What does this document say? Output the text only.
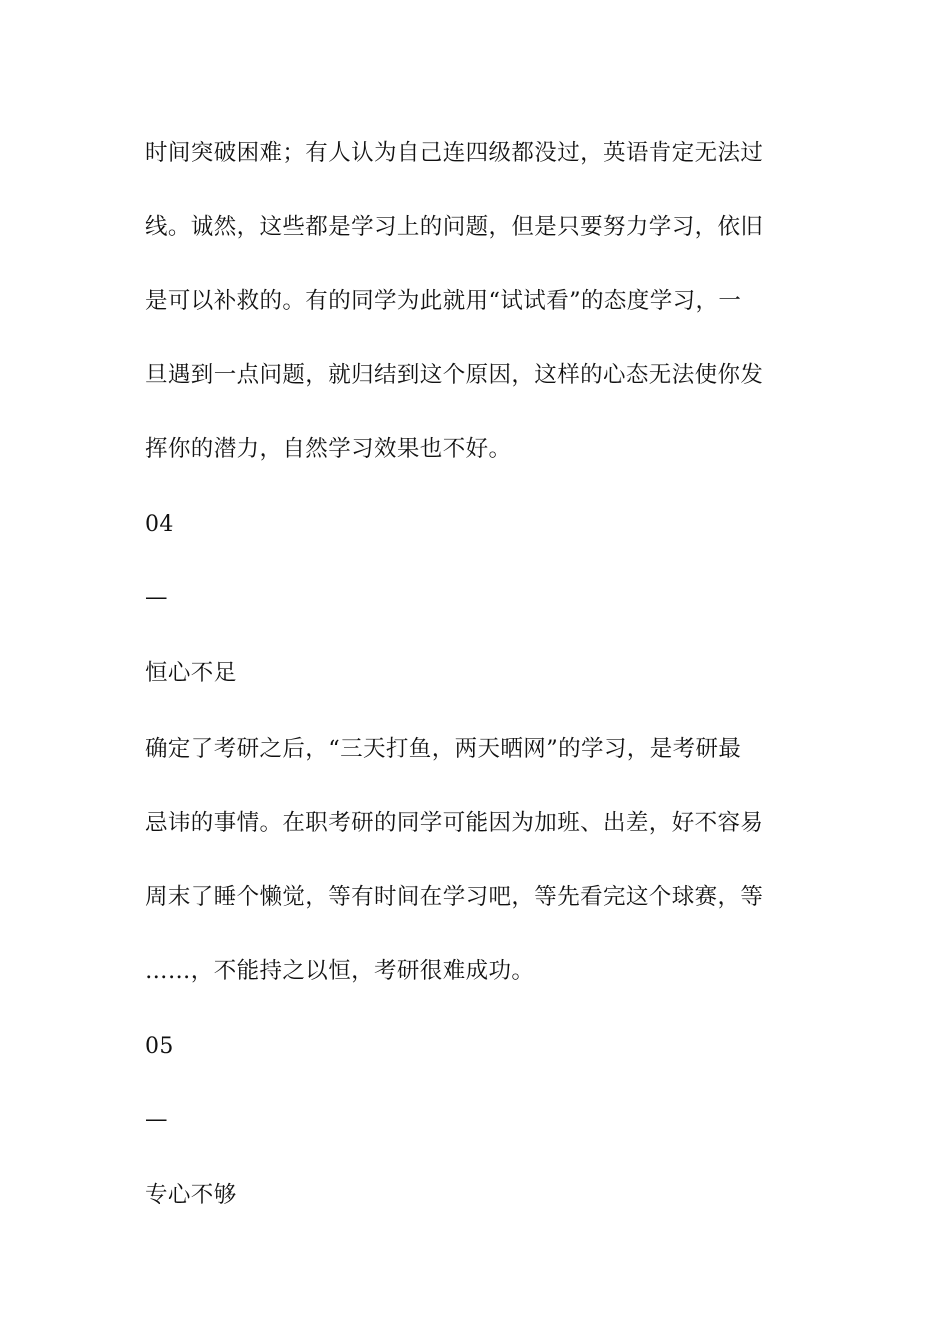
时间突破困难；有人认为自己连四级都没过，英语肯定无法过
线。诚然，这些都是学习上的问题，但是只要努力学习，依旧
是可以补救的。有的同学为此就用“试试看”的态度学习，一
旦遇到一点问题，就归结到这个原因，这样的心态无法使你发
挥你的潜力，自然学习效果也不好。
04
—
恒心不足
确定了考研之后，“三天打鱼，两天晒网”的学习，是考研最
忌讳的事情。在职考研的同学可能因为加班、出差，好不容易
周末了睡个懒觉，等有时间在学习吧，等先看完这个球赛，等
……，不能持之以恒，考研很难成功。
05
—
专心不够
